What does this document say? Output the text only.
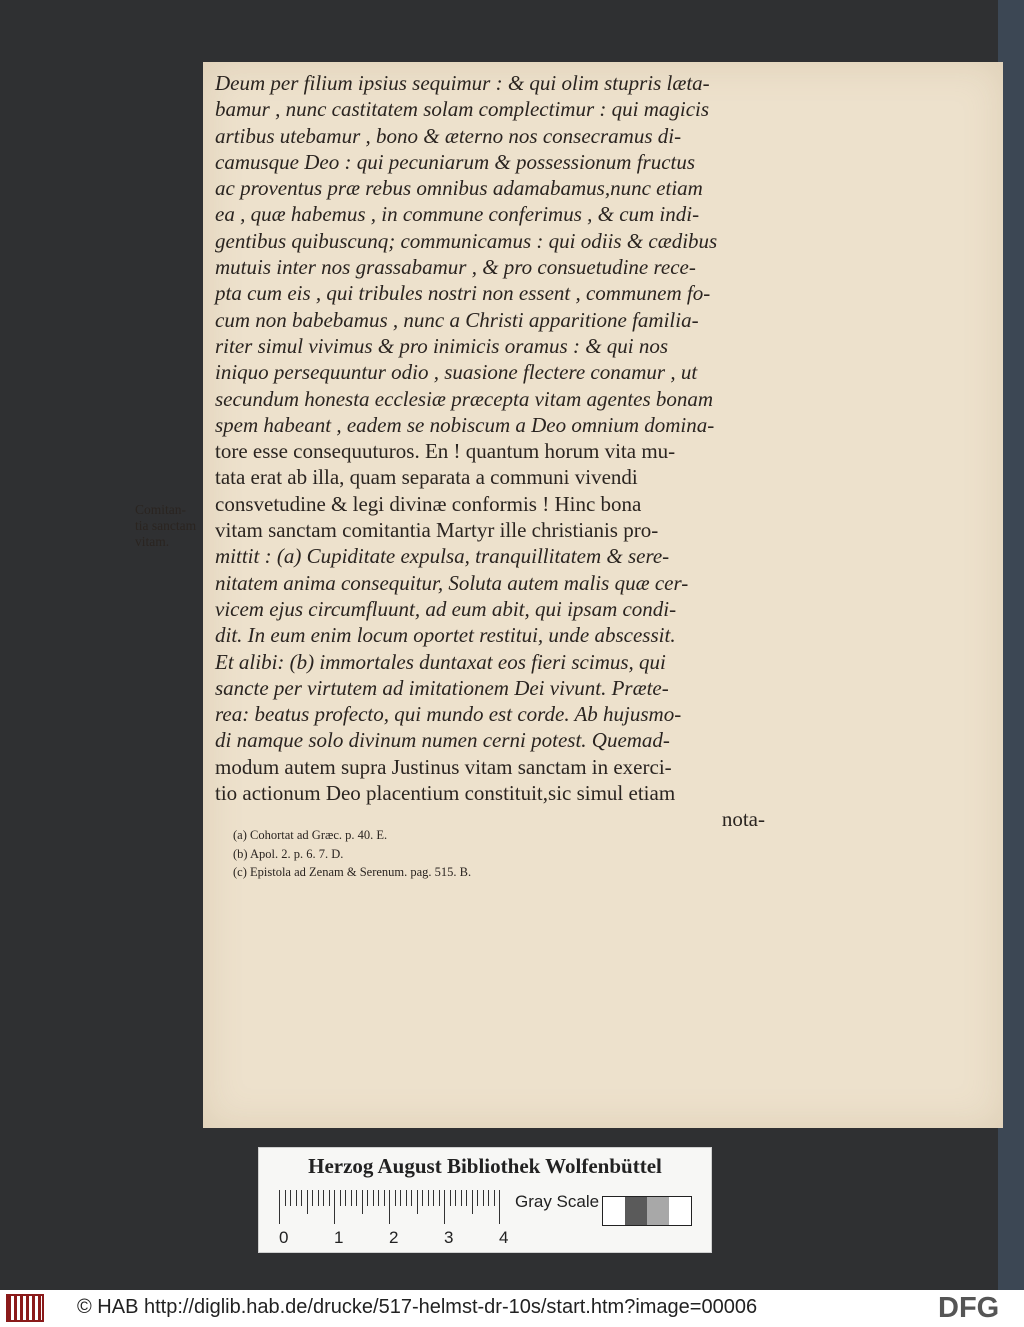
Deum per filium ipsius sequimur : & qui olim stupris læta-
bamur , nunc castitatem solam complectimur : qui magicis
artibus utebamur , bono & æterno nos consecramus di-
camusque Deo : qui pecuniarum & possessionum fructus
ac proventus præ rebus omnibus adamabamus,nunc etiam
ea , quæ habemus , in commune conferimus , & cum indi-
gentibus quibuscunq; communicamus : qui odiis & cædibus
mutuis inter nos grassabamur , & pro consuetudine rece-
pta cum eis , qui tribules nostri non essent , communem fo-
cum non babebamus , nunc a Christi apparitione familia-
riter simul vivimus & pro inimicis oramus : & qui nos
iniquo persequuntur odio , suasione flectere conamur , ut
secundum honesta ecclesiæ præcepta vitam agentes bonam
spem habeant , eadem se nobiscum a Deo omnium domina-
tore esse consequuturos. En ! quantum horum vita mu-
tata erat ab illa, quam separata a communi vivendi
consvetudine & legi divinæ conformis ! Hinc bona
vitam sanctam comitantia Martyr ille christianis pro-
mittit : (a) Cupiditate expulsa, tranquillitatem & sere-
nitatem anima consequitur, Soluta autem malis quæ cer-
vicem ejus circumfluunt, ad eum abit, qui ipsam condi-
dit. In eum enim locum oportet restitui, unde abscessit.
Et alibi: (b) immortales duntaxat eos fieri scimus, qui
sancte per virtutem ad imitationem Dei vivunt. Præte-
rea: beatus profecto, qui mundo est corde. Ab hujusmo-
di namque solo divinum numen cerni potest. Quemad-
modum autem supra Justinus vitam sanctam in exerci-
tio actionum Deo placentium constituit,sic simul etiam
nota-
Comitan-
tia sanctam
vitam.
(a) Cohortat ad Græc. p. 40. E.
(b) Apol. 2. p. 6. 7. D.
(c) Epistola ad Zenam & Serenum. pag. 515. B.
Herzog August Bibliothek Wolfenbüttel
0	1	2	3	4
Gray Scale
© HAB http://diglib.hab.de/drucke/517-helmst-dr-10s/start.htm?image=00006	DFG
